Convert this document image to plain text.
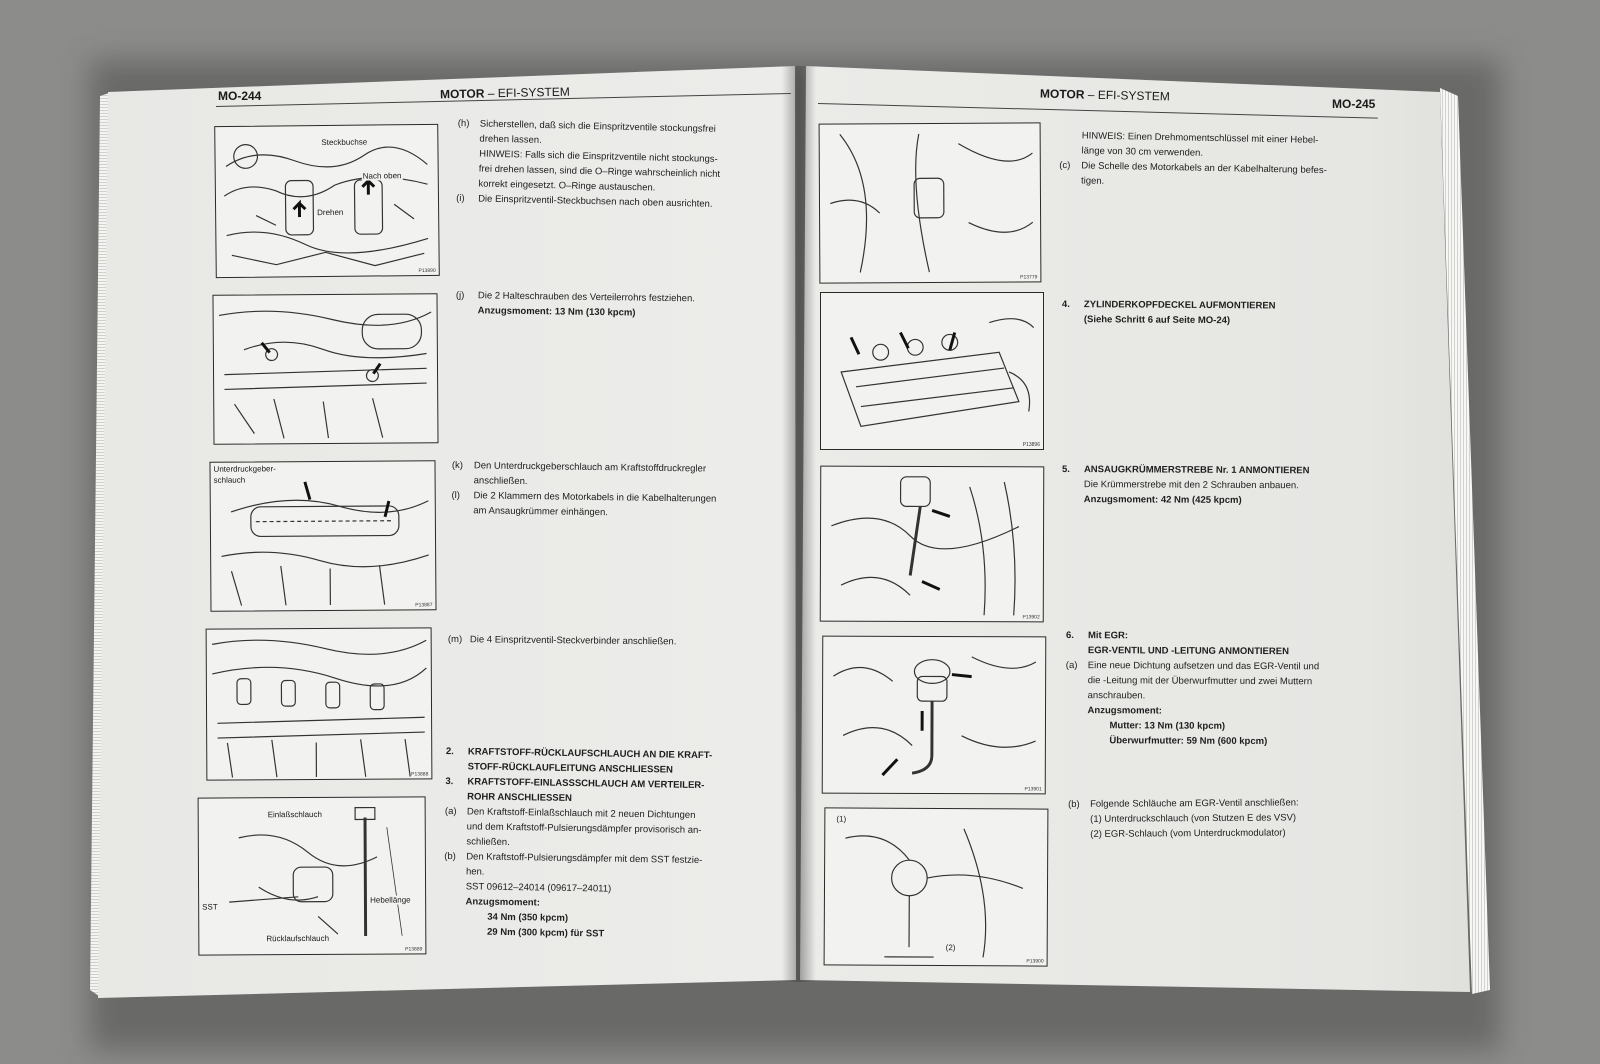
MO-244	MOTOR – EFI-SYSTEM
Steckbuchse
Nach oben
Drehen
P13890
Unterdruckgeber-
schlauch
P13887
P13888
Einlaßschlauch
SST
Hebellänge
Rücklaufschlauch
P13889
(h) Sicherstellen, daß sich die Einspritzventile stockungsfrei
drehen lassen.
HINWEIS: Falls sich die Einspritzventile nicht stockungs-
frei drehen lassen, sind die O–Ringe wahrscheinlich nicht
korrekt eingesetzt. O–Ringe austauschen.
(i) Die Einspritzventil-Steckbuchsen nach oben ausrichten.
(j) Die 2 Halteschrauben des Verteilerrohrs festziehen.
Anzugsmoment: 13 Nm (130 kpcm)
(k) Den Unterdruckgeberschlauch am Kraftstoffdruckregler
anschließen.
(l) Die 2 Klammern des Motorkabels in die Kabelhalterungen
am Ansaugkrümmer einhängen.
(m) Die 4 Einspritzventil-Steckverbinder anschließen.
2. KRAFTSTOFF-RÜCKLAUFSCHLAUCH AN DIE KRAFT-
STOFF-RÜCKLAUFLEITUNG ANSCHLIESSEN
3. KRAFTSTOFF-EINLASSSCHLAUCH AM VERTEILER-
ROHR ANSCHLIESSEN
(a) Den Kraftstoff-Einlaßschlauch mit 2 neuen Dichtungen
und dem Kraftstoff-Pulsierungsdämpfer provisorisch an-
schließen.
(b) Den Kraftstoff-Pulsierungsdämpfer mit dem SST festzie-
hen.
SST 09612–24014 (09617–24011)
Anzugsmoment:
34 Nm (350 kpcm)
29 Nm (300 kpcm) für SST
MOTOR – EFI-SYSTEM
MO-245
P13779
P13896
P13902
P13901
(1)
(2)
P13900
HINWEIS: Einen Drehmomentschlüssel mit einer Hebel-
länge von 30 cm verwenden.
(c) Die Schelle des Motorkabels an der Kabelhalterung befes-
tigen.
4. ZYLINDERKOPFDECKEL AUFMONTIEREN
(Siehe Schritt 6 auf Seite MO-24)
5. ANSAUGKRÜMMERSTREBE Nr. 1 ANMONTIEREN
Die Krümmerstrebe mit den 2 Schrauben anbauen.
Anzugsmoment: 42 Nm (425 kpcm)
6. Mit EGR:
EGR-VENTIL UND -LEITUNG ANMONTIEREN
(a) Eine neue Dichtung aufsetzen und das EGR-Ventil und
die -Leitung mit der Überwurfmutter und zwei Muttern
anschrauben.
Anzugsmoment:
Mutter: 13 Nm (130 kpcm)
Überwurfmutter: 59 Nm (600 kpcm)
(b) Folgende Schläuche am EGR-Ventil anschließen:
(1) Unterdruckschlauch (von Stutzen E des VSV)
(2) EGR-Schlauch (vom Unterdruckmodulator)
